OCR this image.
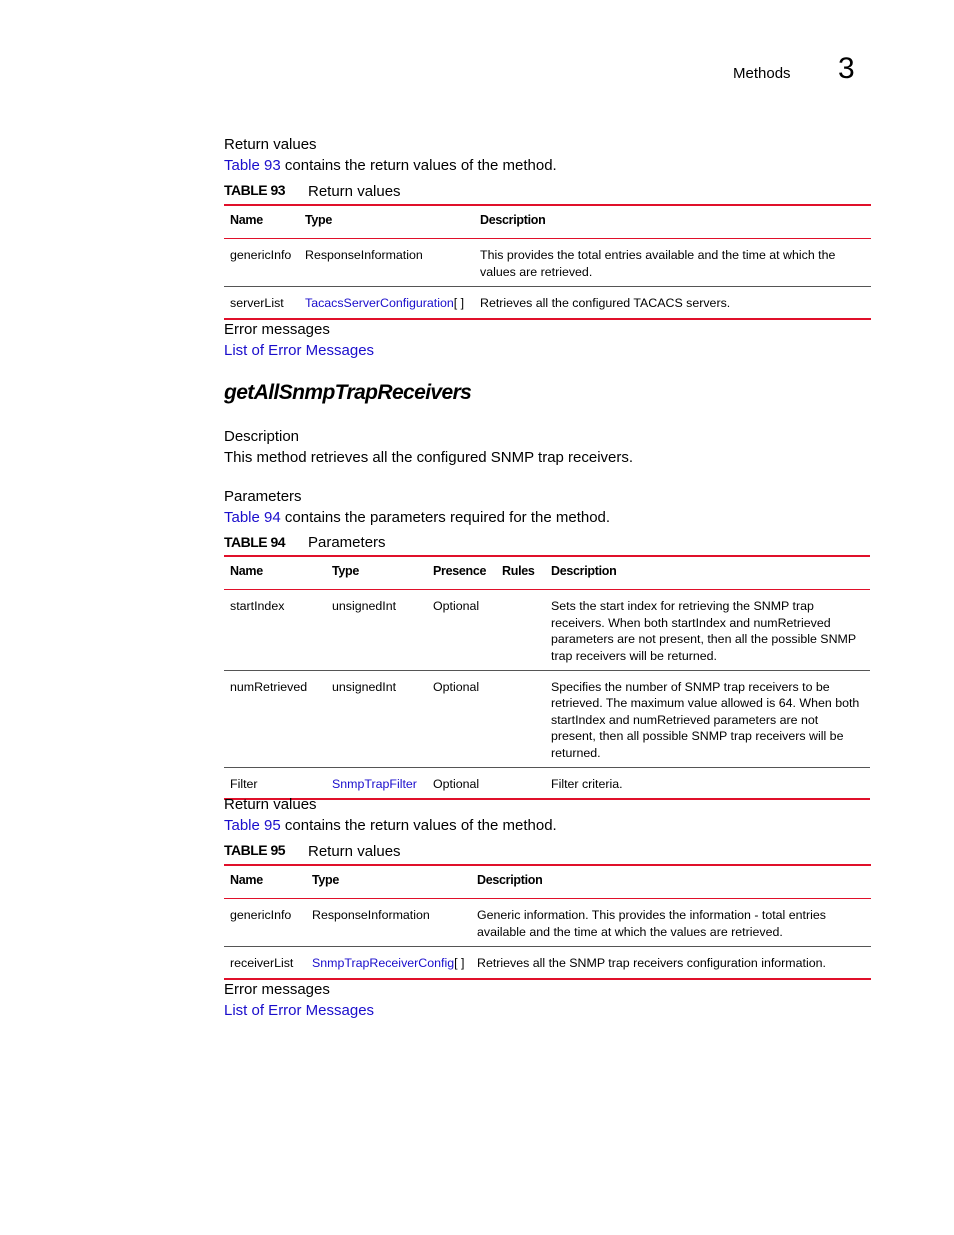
Methods 3
Return values
Table 93 contains the return values of the method.
TABLE 93 Return values
Name	Type	Description
genericInfo	ResponseInformation	This provides the total entries available and the time at which the values are retrieved.
serverList	TacacsServerConfiguration[ ]	Retrieves all the configured TACACS servers.
Error messages
List of Error Messages
getAllSnmpTrapReceivers
Description
This method retrieves all the configured SNMP trap receivers.
Parameters
Table 94 contains the parameters required for the method.
TABLE 94 Parameters
Name	Type	Presence	Rules	Description
startIndex	unsignedInt	Optional		Sets the start index for retrieving the SNMP trap receivers. When both startIndex and numRetrieved parameters are not present, then all the possible SNMP trap receivers will be returned.
numRetrieved	unsignedInt	Optional		Specifies the number of SNMP trap receivers to be retrieved. The maximum value allowed is 64. When both startIndex and numRetrieved parameters are not present, then all possible SNMP trap receivers will be returned.
Filter	SnmpTrapFilter	Optional		Filter criteria.
Return values
Table 95 contains the return values of the method.
TABLE 95 Return values
Name	Type	Description
genericInfo	ResponseInformation	Generic information. This provides the information - total entries available and the time at which the values are retrieved.
receiverList	SnmpTrapReceiverConfig[ ]	Retrieves all the SNMP trap receivers configuration information.
Error messages
List of Error Messages
